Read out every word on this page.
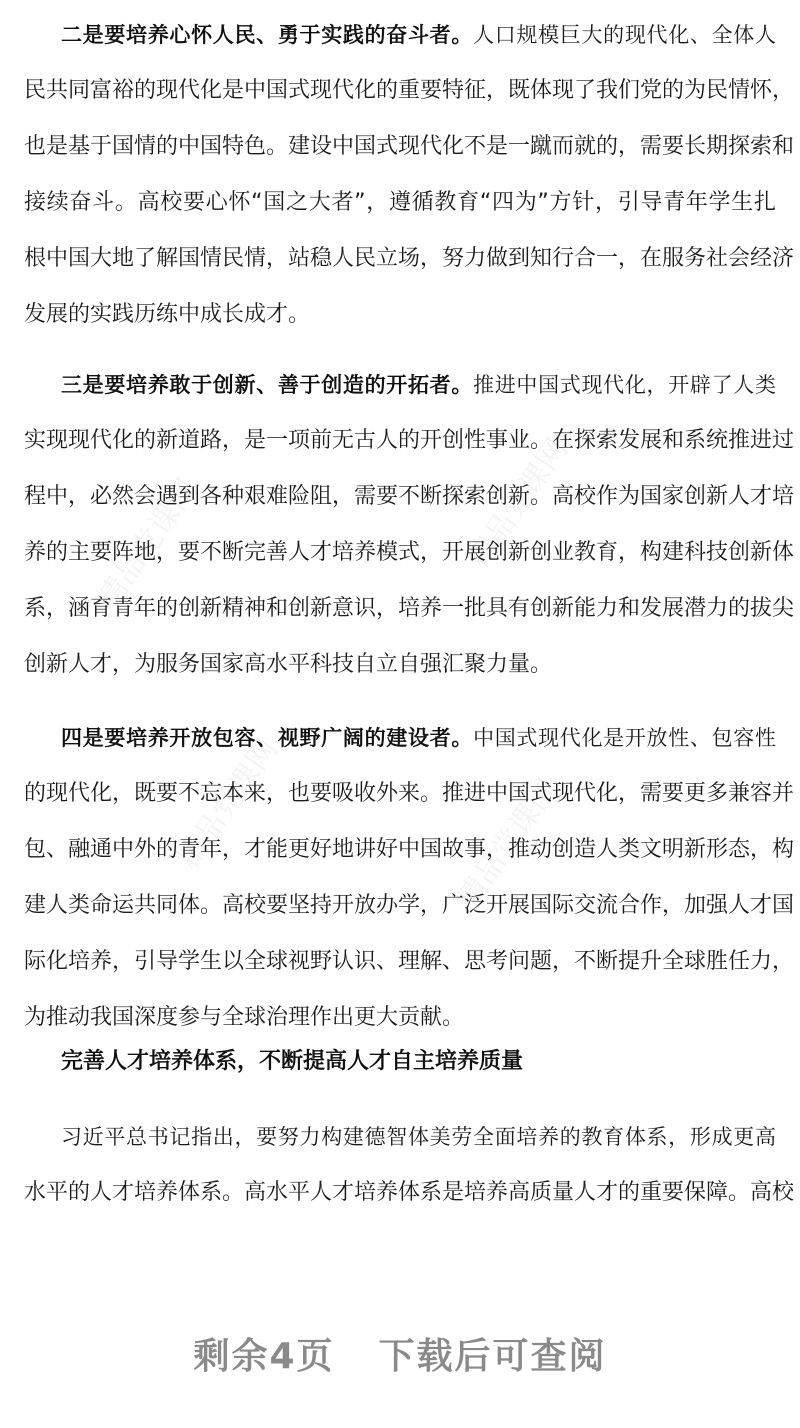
精品党课网	精品党课网
精品党课网	精品党课网
二是要培养心怀人民、勇于实践的奋斗者。人口规模巨大的现代化、全体人
民共同富裕的现代化是中国式现代化的重要特征，既体现了我们党的为民情怀，
也是基于国情的中国特色。建设中国式现代化不是一蹴而就的，需要长期探索和
接续奋斗。高校要心怀“国之大者”，遵循教育“四为”方针，引导青年学生扎
根中国大地了解国情民情，站稳人民立场，努力做到知行合一，在服务社会经济
发展的实践历练中成长成才。
三是要培养敢于创新、善于创造的开拓者。推进中国式现代化，开辟了人类
实现现代化的新道路，是一项前无古人的开创性事业。在探索发展和系统推进过
程中，必然会遇到各种艰难险阻，需要不断探索创新。高校作为国家创新人才培
养的主要阵地，要不断完善人才培养模式，开展创新创业教育，构建科技创新体
系，涵育青年的创新精神和创新意识，培养一批具有创新能力和发展潜力的拔尖
创新人才，为服务国家高水平科技自立自强汇聚力量。
四是要培养开放包容、视野广阔的建设者。中国式现代化是开放性、包容性
的现代化，既要不忘本来，也要吸收外来。推进中国式现代化，需要更多兼容并
包、融通中外的青年，才能更好地讲好中国故事，推动创造人类文明新形态，构
建人类命运共同体。高校要坚持开放办学，广泛开展国际交流合作，加强人才国
际化培养，引导学生以全球视野认识、理解、思考问题，不断提升全球胜任力，
为推动我国深度参与全球治理作出更大贡献。
完善人才培养体系，不断提高人才自主培养质量
习近平总书记指出，要努力构建德智体美劳全面培养的教育体系，形成更高
水平的人才培养体系。高水平人才培养体系是培养高质量人才的重要保障。高校
剩余4页 下载后可查阅
